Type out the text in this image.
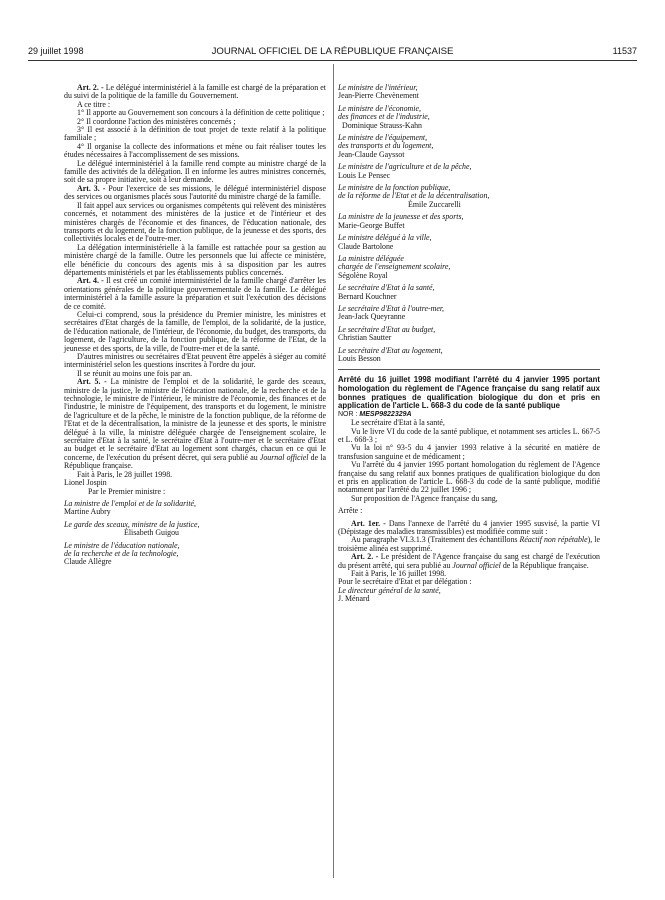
29 juillet 1998	JOURNAL OFFICIEL DE LA RÉPUBLIQUE FRANÇAISE	11537

Art. 2. - Le délégué interministériel à la famille est chargé de la préparation et du suivi de la politique de la famille du Gouvernement.

A ce titre :

1° Il apporte au Gouvernement son concours à la définition de cette politique ;

2° Il coordonne l'action des ministères concernés ;

3° Il est associé à la définition de tout projet de texte relatif à la politique familiale ;

4° Il organise la collecte des informations et mène ou fait réaliser toutes les études nécessaires à l'accomplissement de ses missions.

Le délégué interministériel à la famille rend compte au ministre chargé de la famille des activités de la délégation. Il en informe les autres ministres concernés, soit de sa propre initiative, soit à leur demande.

Art. 3. - Pour l'exercice de ses missions, le délégué interministériel dispose des services ou organismes placés sous l'autorité du ministre chargé de la famille.

Il fait appel aux services ou organismes compétents qui relèvent des ministères concernés, et notamment des ministères de la justice et de l'intérieur et des ministères chargés de l'économie et des finances, de l'éducation nationale, des transports et du logement, de la fonction publique, de la jeunesse et des sports, des collectivités locales et de l'outre-mer.

La délégation interministérielle à la famille est rattachée pour sa gestion au ministère chargé de la famille. Outre les personnels que lui affecte ce ministère, elle bénéficie du concours des agents mis à sa disposition par les autres départements ministériels et par les établissements publics concernés.

Art. 4. - Il est créé un comité interministériel de la famille chargé d'arrêter les orientations générales de la politique gouvernementale de la famille. Le délégué interministériel à la famille assure la préparation et suit l'exécution des décisions de ce comité.

Celui-ci comprend, sous la présidence du Premier ministre, les ministres et secrétaires d'Etat chargés de la famille, de l'emploi, de la solidarité, de la justice, de l'éducation nationale, de l'intérieur, de l'économie, du budget, des transports, du logement, de l'agriculture, de la fonction publique, de la réforme de l'Etat, de la jeunesse et des sports, de la ville, de l'outre-mer et de la santé.

D'autres ministres ou secrétaires d'Etat peuvent être appelés à siéger au comité interministériel selon les questions inscrites à l'ordre du jour.

Il se réunit au moins une fois par an.

Art. 5. - La ministre de l'emploi et de la solidarité, le garde des sceaux, ministre de la justice, le ministre de l'éducation nationale, de la recherche et de la technologie, le ministre de l'intérieur, le ministre de l'économie, des finances et de l'industrie, le ministre de l'équipement, des transports et du logement, le ministre de l'agriculture et de la pêche, le ministre de la fonction publique, de la réforme de l'Etat et de la décentralisation, la ministre de la jeunesse et des sports, le ministre délégué à la ville, la ministre déléguée chargée de l'enseignement scolaire, le secrétaire d'Etat à la santé, le secrétaire d'Etat à l'outre-mer et le secrétaire d'Etat au budget et le secrétaire d'Etat au logement sont chargés, chacun en ce qui le concerne, de l'exécution du présent décret, qui sera publié au Journal officiel de la République française.

Fait à Paris, le 28 juillet 1998.

Lionel Jospin

Par le Premier ministre :

La ministre de l'emploi et de la solidarité,

Martine Aubry

Le garde des sceaux, ministre de la justice,

Élisabeth Guigou

Le ministre de l'éducation nationale,

de la recherche et de la technologie,

Claude Allègre

Le ministre de l'intérieur,

Jean-Pierre Chevènement

Le ministre de l'économie,

des finances et de l'industrie,

Dominique Strauss-Kahn

Le ministre de l'équipement,

des transports et du logement,

Jean-Claude Gayssot

Le ministre de l'agriculture et de la pêche,

Louis Le Pensec

Le ministre de la fonction publique,

de la réforme de l'Etat et de la décentralisation,

Émile Zuccarelli

La ministre de la jeunesse et des sports,

Marie-George Buffet

Le ministre délégué à la ville,

Claude Bartolone

La ministre déléguée

chargée de l'enseignement scolaire,

Ségolène Royal

Le secrétaire d'Etat à la santé,

Bernard Kouchner

Le secrétaire d'Etat à l'outre-mer,

Jean-Jack Queyranne

Le secrétaire d'Etat au budget,

Christian Sautter

Le secrétaire d'Etat au logement,

Louis Besson

Arrêté du 16 juillet 1998 modifiant l'arrêté du 4 janvier 1995 portant homologation du règlement de l'Agence française du sang relatif aux bonnes pratiques de qualification biologique du don et pris en application de l'article L. 668-3 du code de la santé publique

NOR : MESP9822329A

Le secrétaire d'Etat à la santé,

Vu le livre VI du code de la santé publique, et notamment ses articles L. 667-5 et L. 668-3 ;

Vu la loi n° 93-5 du 4 janvier 1993 relative à la sécurité en matière de transfusion sanguine et de médicament ;

Vu l'arrêté du 4 janvier 1995 portant homologation du règlement de l'Agence française du sang relatif aux bonnes pratiques de qualification biologique du don et pris en application de l'article L. 668-3 du code de la santé publique, modifié notamment par l'arrêté du 22 juillet 1996 ;

Sur proposition de l'Agence française du sang,

Arrête :

Art. 1er. - Dans l'annexe de l'arrêté du 4 janvier 1995 susvisé, la partie VI (Dépistage des maladies transmissibles) est modifiée comme suit :

Au paragraphe VI.3.1.3 (Traitement des échantillons Réactif non répétable), le troisième alinéa est supprimé.

Art. 2. - Le président de l'Agence française du sang est chargé de l'exécution du présent arrêté, qui sera publié au Journal officiel de la République française.

Fait à Paris, le 16 juillet 1998.

Pour le secrétaire d'Etat et par délégation :

Le directeur général de la santé,

J. Ménard
